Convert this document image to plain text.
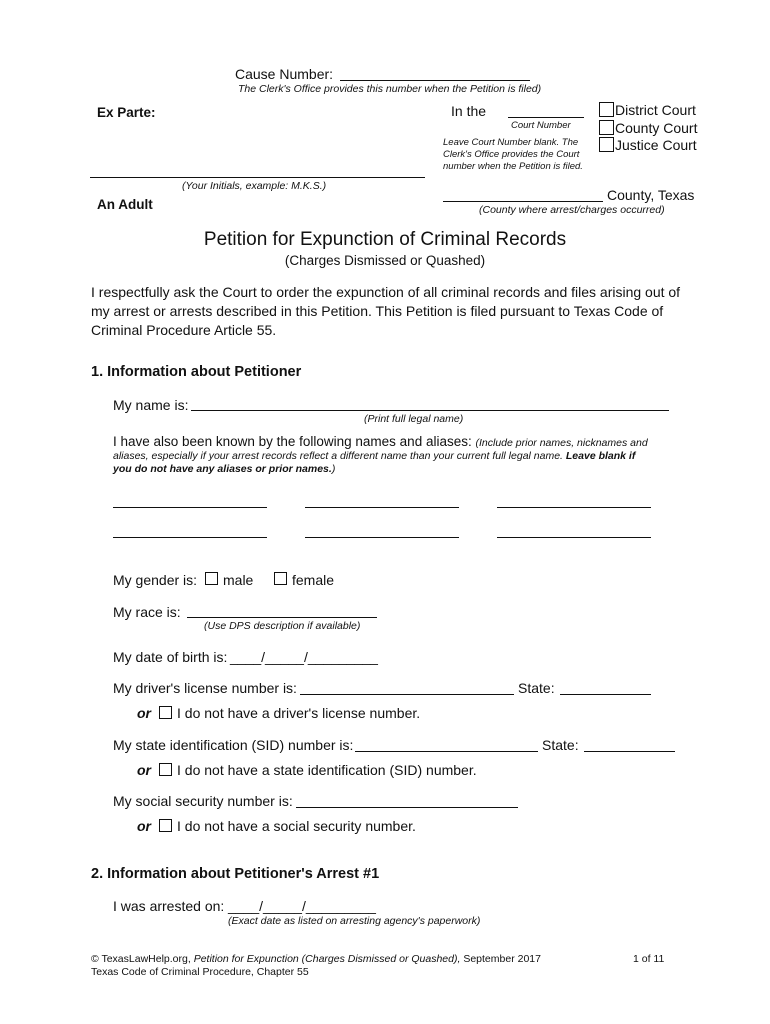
Cause Number:
The Clerk's Office provides this number when the Petition is filed)
Ex Parte:	In the
Court Number
Leave Court Number blank. The
Clerk's Office provides the Court
number when the Petition is filed.
District Court
County Court
Justice Court
(Your Initials, example: M.K.S.)
An Adult
County, Texas
(County where arrest/charges occurred)
Petition for Expunction of Criminal Records
(Charges Dismissed or Quashed)
I respectfully ask the Court to order the expunction of all criminal records and files arising out of
my arrest or arrests described in this Petition. This Petition is filed pursuant to Texas Code of
Criminal Procedure Article 55.
1. Information about Petitioner
My name is:
(Print full legal name)
I have also been known by the following names and aliases: (Include prior names, nicknames and
aliases, especially if your arrest records reflect a different name than your current full legal name. Leave blank if
you do not have any aliases or prior names.)
My gender is: male	female
My race is:
(Use DPS description if available)
My date of birth is: ____/_____/_________
My driver's license number is:	State:
or I do not have a driver's license number.
My state identification (SID) number is:	State:
or I do not have a state identification (SID) number.
My social security number is:
or I do not have a social security number.
2. Information about Petitioner's Arrest #1
I was arrested on: ____/_____/_________
(Exact date as listed on arresting agency's paperwork)
© TexasLawHelp.org, Petition for Expunction (Charges Dismissed or Quashed), September 2017
Texas Code of Criminal Procedure, Chapter 55
1 of 11
